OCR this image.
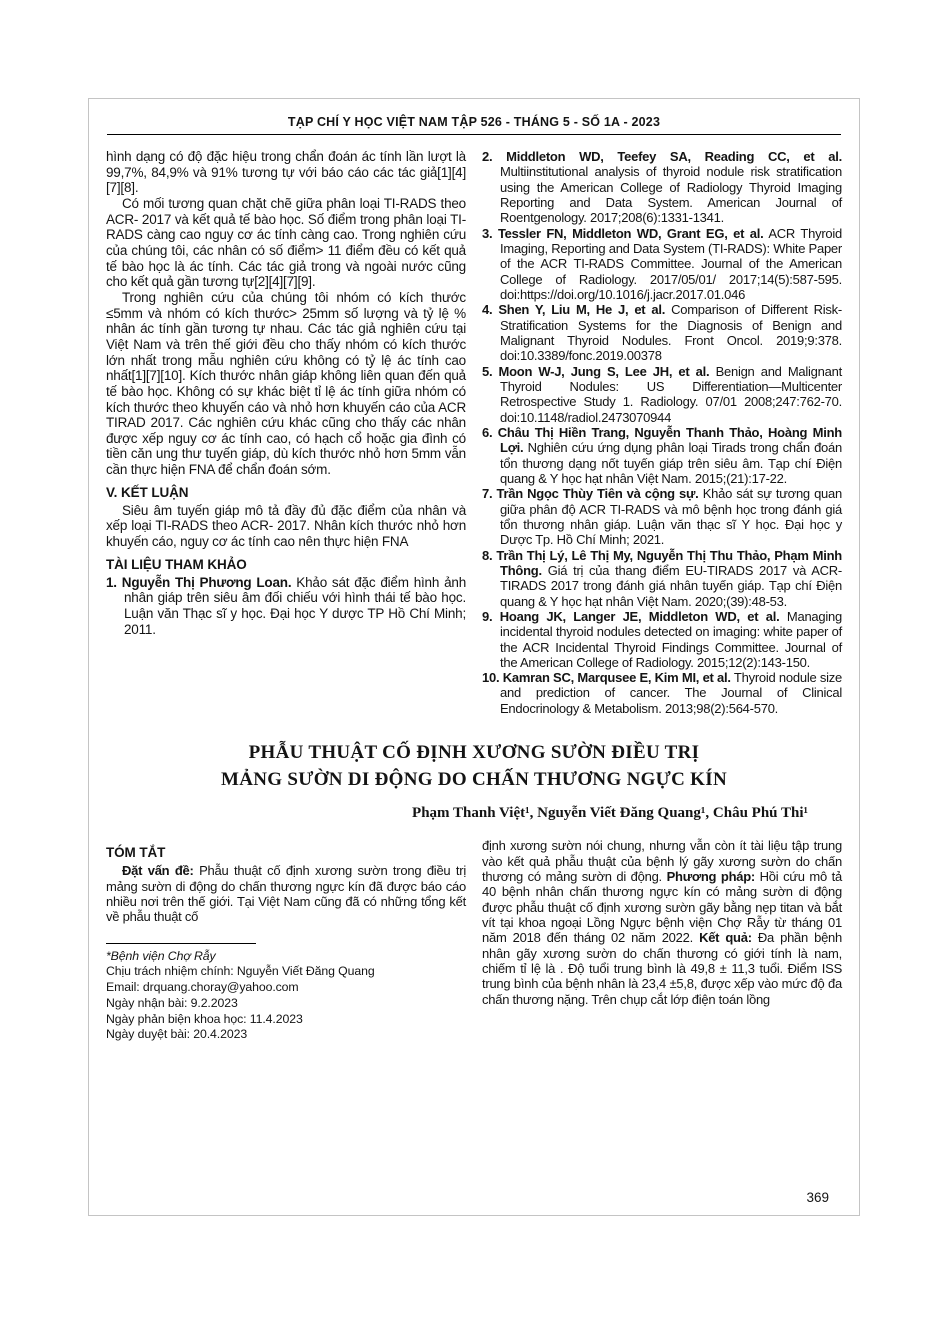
TẠP CHÍ Y HỌC VIỆT NAM TẬP 526 - THÁNG 5 - SỐ 1A - 2023

hình dạng có độ đặc hiệu trong chẩn đoán ác tính lần lượt là 99,7%, 84,9% và 91% tương tự với báo cáo các tác giả[1][4][7][8].

Có mối tương quan chặt chẽ giữa phân loại TI-RADS theo ACR- 2017 và kết quả tế bào học. Số điểm trong phân loại TI-RADS càng cao nguy cơ ác tính càng cao. Trong nghiên cứu của chúng tôi, các nhân có số điểm> 11 điểm đều có kết quả tế bào học là ác tính. Các tác giả trong và ngoài nước cũng cho kết quả gần tương tự[2][4][7][9].

Trong nghiên cứu của chúng tôi nhóm có kích thước ≤5mm và nhóm có kích thước> 25mm số lượng và tỷ lệ % nhân ác tính gần tương tự nhau. Các tác giả nghiên cứu tại Việt Nam và trên thế giới đều cho thấy nhóm có kích thước lớn nhất trong mẫu nghiên cứu không có tỷ lệ ác tính cao nhất[1][7][10]. Kích thước nhân giáp không liên quan đến quả tế bào học. Không có sự khác biệt tỉ lệ ác tính giữa nhóm có kích thước theo khuyến cáo và nhỏ hơn khuyến cáo của ACR TIRAD 2017. Các nghiên cứu khác cũng cho thấy các nhân được xếp nguy cơ ác tính cao, có hạch cổ hoặc gia đình có tiền căn ung thư tuyến giáp, dù kích thước nhỏ hơn 5mm vẫn cần thực hiện FNA để chẩn đoán sớm.

V. KẾT LUẬN

Siêu âm tuyến giáp mô tả đầy đủ đặc điểm của nhân và xếp loại TI-RADS theo ACR- 2017. Nhân kích thước nhỏ hơn khuyến cáo, nguy cơ ác tính cao nên thực hiện FNA

TÀI LIỆU THAM KHẢO

1. Nguyễn Thị Phương Loan. Khảo sát đặc điểm hình ảnh nhân giáp trên siêu âm đối chiếu với hình thái tế bào học. Luận văn Thạc sĩ y học. Đại học Y dược TP Hồ Chí Minh; 2011.

2. Middleton WD, Teefey SA, Reading CC, et al. Multiinstitutional analysis of thyroid nodule risk stratification using the American College of Radiology Thyroid Imaging Reporting and Data System. American Journal of Roentgenology. 2017;208(6):1331-1341.

3. Tessler FN, Middleton WD, Grant EG, et al. ACR Thyroid Imaging, Reporting and Data System (TI-RADS): White Paper of the ACR TI-RADS Committee. Journal of the American College of Radiology. 2017/05/01/ 2017;14(5):587-595. doi:https://doi.org/10.1016/j.jacr.2017.01.046

4. Shen Y, Liu M, He J, et al. Comparison of Different Risk-Stratification Systems for the Diagnosis of Benign and Malignant Thyroid Nodules. Front Oncol. 2019;9:378. doi:10.3389/fonc.2019.00378

5. Moon W-J, Jung S, Lee JH, et al. Benign and Malignant Thyroid Nodules: US Differentiation—Multicenter Retrospective Study 1. Radiology. 07/01 2008;247:762-70. doi:10.1148/radiol.2473070944

6. Châu Thị Hiền Trang, Nguyễn Thanh Thảo, Hoàng Minh Lợi. Nghiên cứu ứng dụng phân loại Tirads trong chẩn đoán tổn thương dạng nốt tuyến giáp trên siêu âm. Tạp chí Điện quang & Y học hạt nhân Việt Nam. 2015;(21):17-22.

7. Trần Ngọc Thùy Tiên và cộng sự. Khảo sát sự tương quan giữa phân độ ACR TI-RADS và mô bệnh học trong đánh giá tổn thương nhân giáp. Luận văn thạc sĩ Y học. Đại học y Dược Tp. Hồ Chí Minh; 2021.

8. Trần Thị Lý, Lê Thị My, Nguyễn Thị Thu Thảo, Phạm Minh Thông. Giá trị của thang điểm EU-TIRADS 2017 và ACR-TIRADS 2017 trong đánh giá nhân tuyến giáp. Tạp chí Điện quang & Y học hạt nhân Việt Nam. 2020;(39):48-53.

9. Hoang JK, Langer JE, Middleton WD, et al. Managing incidental thyroid nodules detected on imaging: white paper of the ACR Incidental Thyroid Findings Committee. Journal of the American College of Radiology. 2015;12(2):143-150.

10. Kamran SC, Marqusee E, Kim MI, et al. Thyroid nodule size and prediction of cancer. The Journal of Clinical Endocrinology & Metabolism. 2013;98(2):564-570.

PHẪU THUẬT CỐ ĐỊNH XƯƠNG SƯỜN ĐIỀU TRỊ
MẢNG SƯỜN DI ĐỘNG DO CHẤN THƯƠNG NGỰC KÍN
Phạm Thanh Việt¹, Nguyễn Viết Đăng Quang¹, Châu Phú Thi¹
TÓM TẮT

Đặt vấn đề: Phẫu thuật cố định xương sườn trong điều trị mảng sườn di động do chấn thương ngực kín đã được báo cáo nhiều nơi trên thế giới. Tại Việt Nam cũng đã có những tổng kết về phẫu thuật cố

*Bệnh viện Chợ Rẫy
Chịu trách nhiệm chính: Nguyễn Viết Đăng Quang
Email: drquang.choray@yahoo.com
Ngày nhận bài: 9.2.2023
Ngày phản biện khoa học: 11.4.2023
Ngày duyệt bài: 20.4.2023

định xương sườn nói chung, nhưng vẫn còn ít tài liệu tập trung vào kết quả phẫu thuật của bệnh lý gãy xương sườn do chấn thương có mảng sườn di động. Phương pháp: Hồi cứu mô tả 40 bệnh nhân chấn thương ngực kín có mảng sườn di động được phẫu thuật cố định xương sườn gãy bằng nẹp titan và bắt vít tại khoa ngoại Lồng Ngực bệnh viện Chợ Rẫy từ tháng 01 năm 2018 đến tháng 02 năm 2022. Kết quả: Đa phần bệnh nhân gãy xương sườn do chấn thương có giới tính là nam, chiếm tỉ lệ là . Độ tuổi trung bình là 49,8 ± 11,3 tuổi. Điểm ISS trung bình của bệnh nhân là 23,4 ±5,8, được xếp vào mức độ đa chấn thương nặng. Trên chụp cắt lớp điện toán lồng

369
